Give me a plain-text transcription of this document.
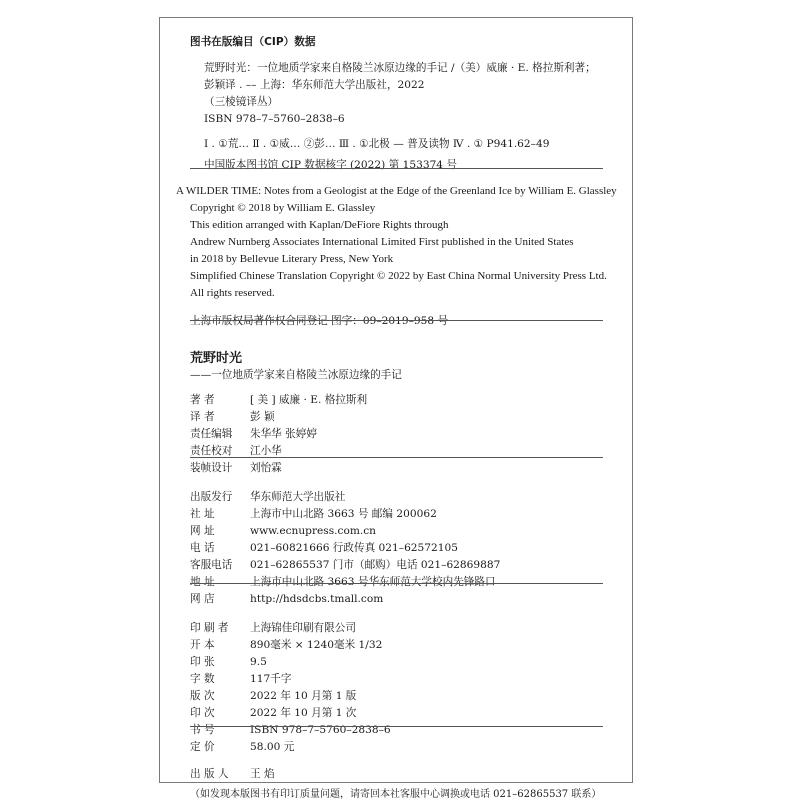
图书在版编目（CIP）数据
荒野时光：一位地质学家来自格陵兰冰原边缘的手记 /（美）威廉 · E. 格拉斯利著；
彭颖译 . –– 上海：华东师范大学出版社，2022
（三棱镜译丛）
ISBN 978–7–5760–2838–6
Ⅰ . ①荒… Ⅱ . ①威… ②彭… Ⅲ . ①北极 — 普及读物 Ⅳ . ① P941.62–49
中国版本图书馆 CIP 数据核字 (2022) 第 153374 号
A WILDER TIME: Notes from a Geologist at the Edge of the Greenland Ice by William E. Glassley
Copyright © 2018 by William E. Glassley
This edition arranged with Kaplan/DeFiore Rights through
Andrew Nurnberg Associates International Limited First published in the United States
in 2018 by Bellevue Literary Press, New York
Simplified Chinese Translation Copyright © 2022 by East China Normal University Press Ltd.
All rights reserved.
上海市版权局著作权合同登记 图字：09–2019–958 号
荒野时光
——一位地质学家来自格陵兰冰原边缘的手记
著 者	[ 美 ] 威廉 · E. 格拉斯利
译 者	彭 颖
责任编辑 朱华华 张婷婷
责任校对 江小华
装帧设计 刘怡霖
出版发行 华东师范大学出版社
社 址	上海市中山北路 3663 号 邮编 200062
网 址	www.ecnupress.com.cn
电 话	021–60821666 行政传真 021–62572105
客服电话 021–62865537 门市（邮购）电话 021–62869887
地 址	上海市中山北路 3663 号华东师范大学校内先锋路口
网 店	http://hdsdcbs.tmall.com
印 刷 者 上海锦佳印刷有限公司
开 本	890毫米 × 1240毫米 1/32
印 张	9.5
字 数	117千字
版 次	2022 年 10 月第 1 版
印 次	2022 年 10 月第 1 次
书 号	ISBN 978–7–5760–2838–6
定 价	58.00 元
出 版 人 王 焰
（如发现本版图书有印订质量问题，请寄回本社客服中心调换或电话 021–62865537 联系）
